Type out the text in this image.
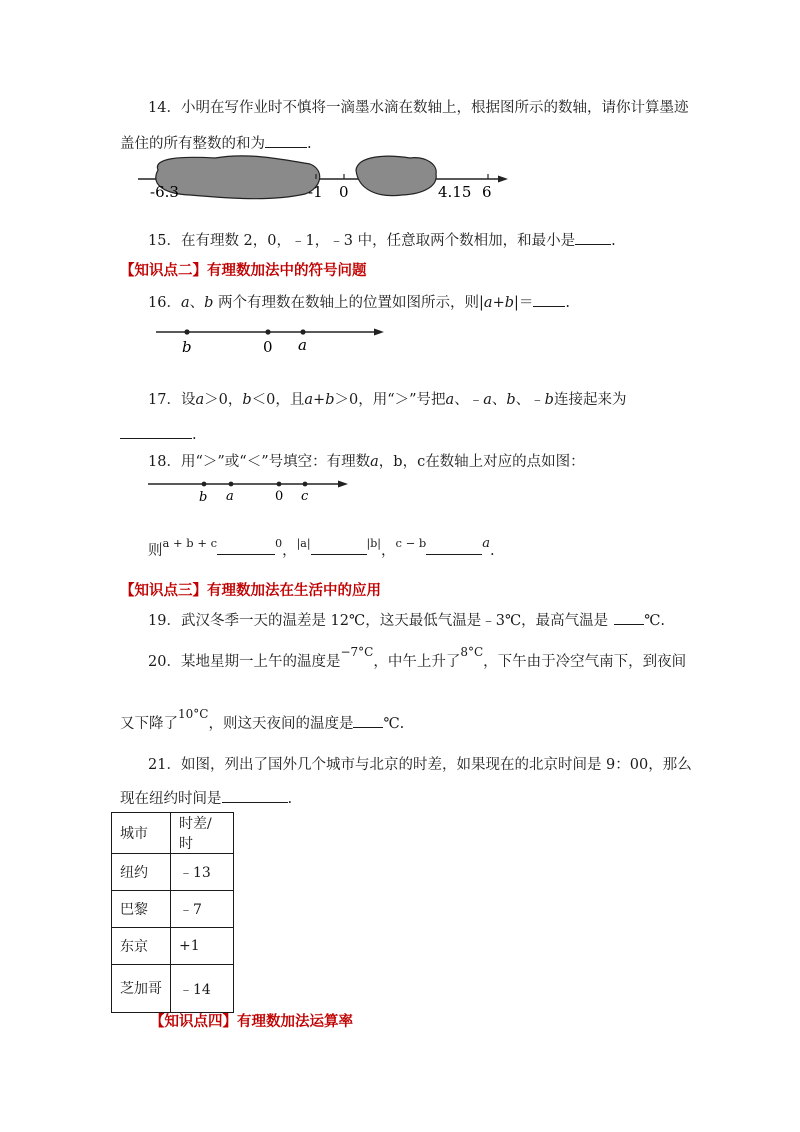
14．小明在写作业时不慎将一滴墨水滴在数轴上，根据图所示的数轴，请你计算墨迹
盖住的所有整数的和为	.
-6.3	-1 0	4.15 6
15．在有理数 2，0，﹣1，﹣3 中，任意取两个数相加，和最小是 .
【知识点二】有理数加法中的符号问题
16．a、b 两个有理数在数轴上的位置如图所示，则|a+b|＝ .
b	0 a
17．设a＞0，b＜0，且a+b＞0，用“＞”号把a、﹣a、b、﹣b连接起来为
.
18．用“＞”或“＜”号填空：有理数a，b，c在数轴上对应的点如图：
b a	0 c
则$^{a + b + c}$	$^0$，$^{|a|}$	$^{|b|}$，$^{c - b}$	a.
【知识点三】有理数加法在生活中的应用
19．武汉冬季一天的温差是 12℃，这天最低气温是﹣3℃，最高气温是 ℃.
20．某地星期一上午的温度是$^{-7^\circ C}$，中午上升了$^{8^\circ C}$，下午由于冷空气南下，到夜间
又下降了$^{10^\circ C}$，则这天夜间的温度是 ℃.
21．如图，列出了国外几个城市与北京的时差，如果现在的北京时间是 9：00，那么
现在纽约时间是	.
城市	时差/时
纽约	﹣13
巴黎	﹣7
东京	+1
芝加哥	﹣14
【知识点四】有理数加法运算率
